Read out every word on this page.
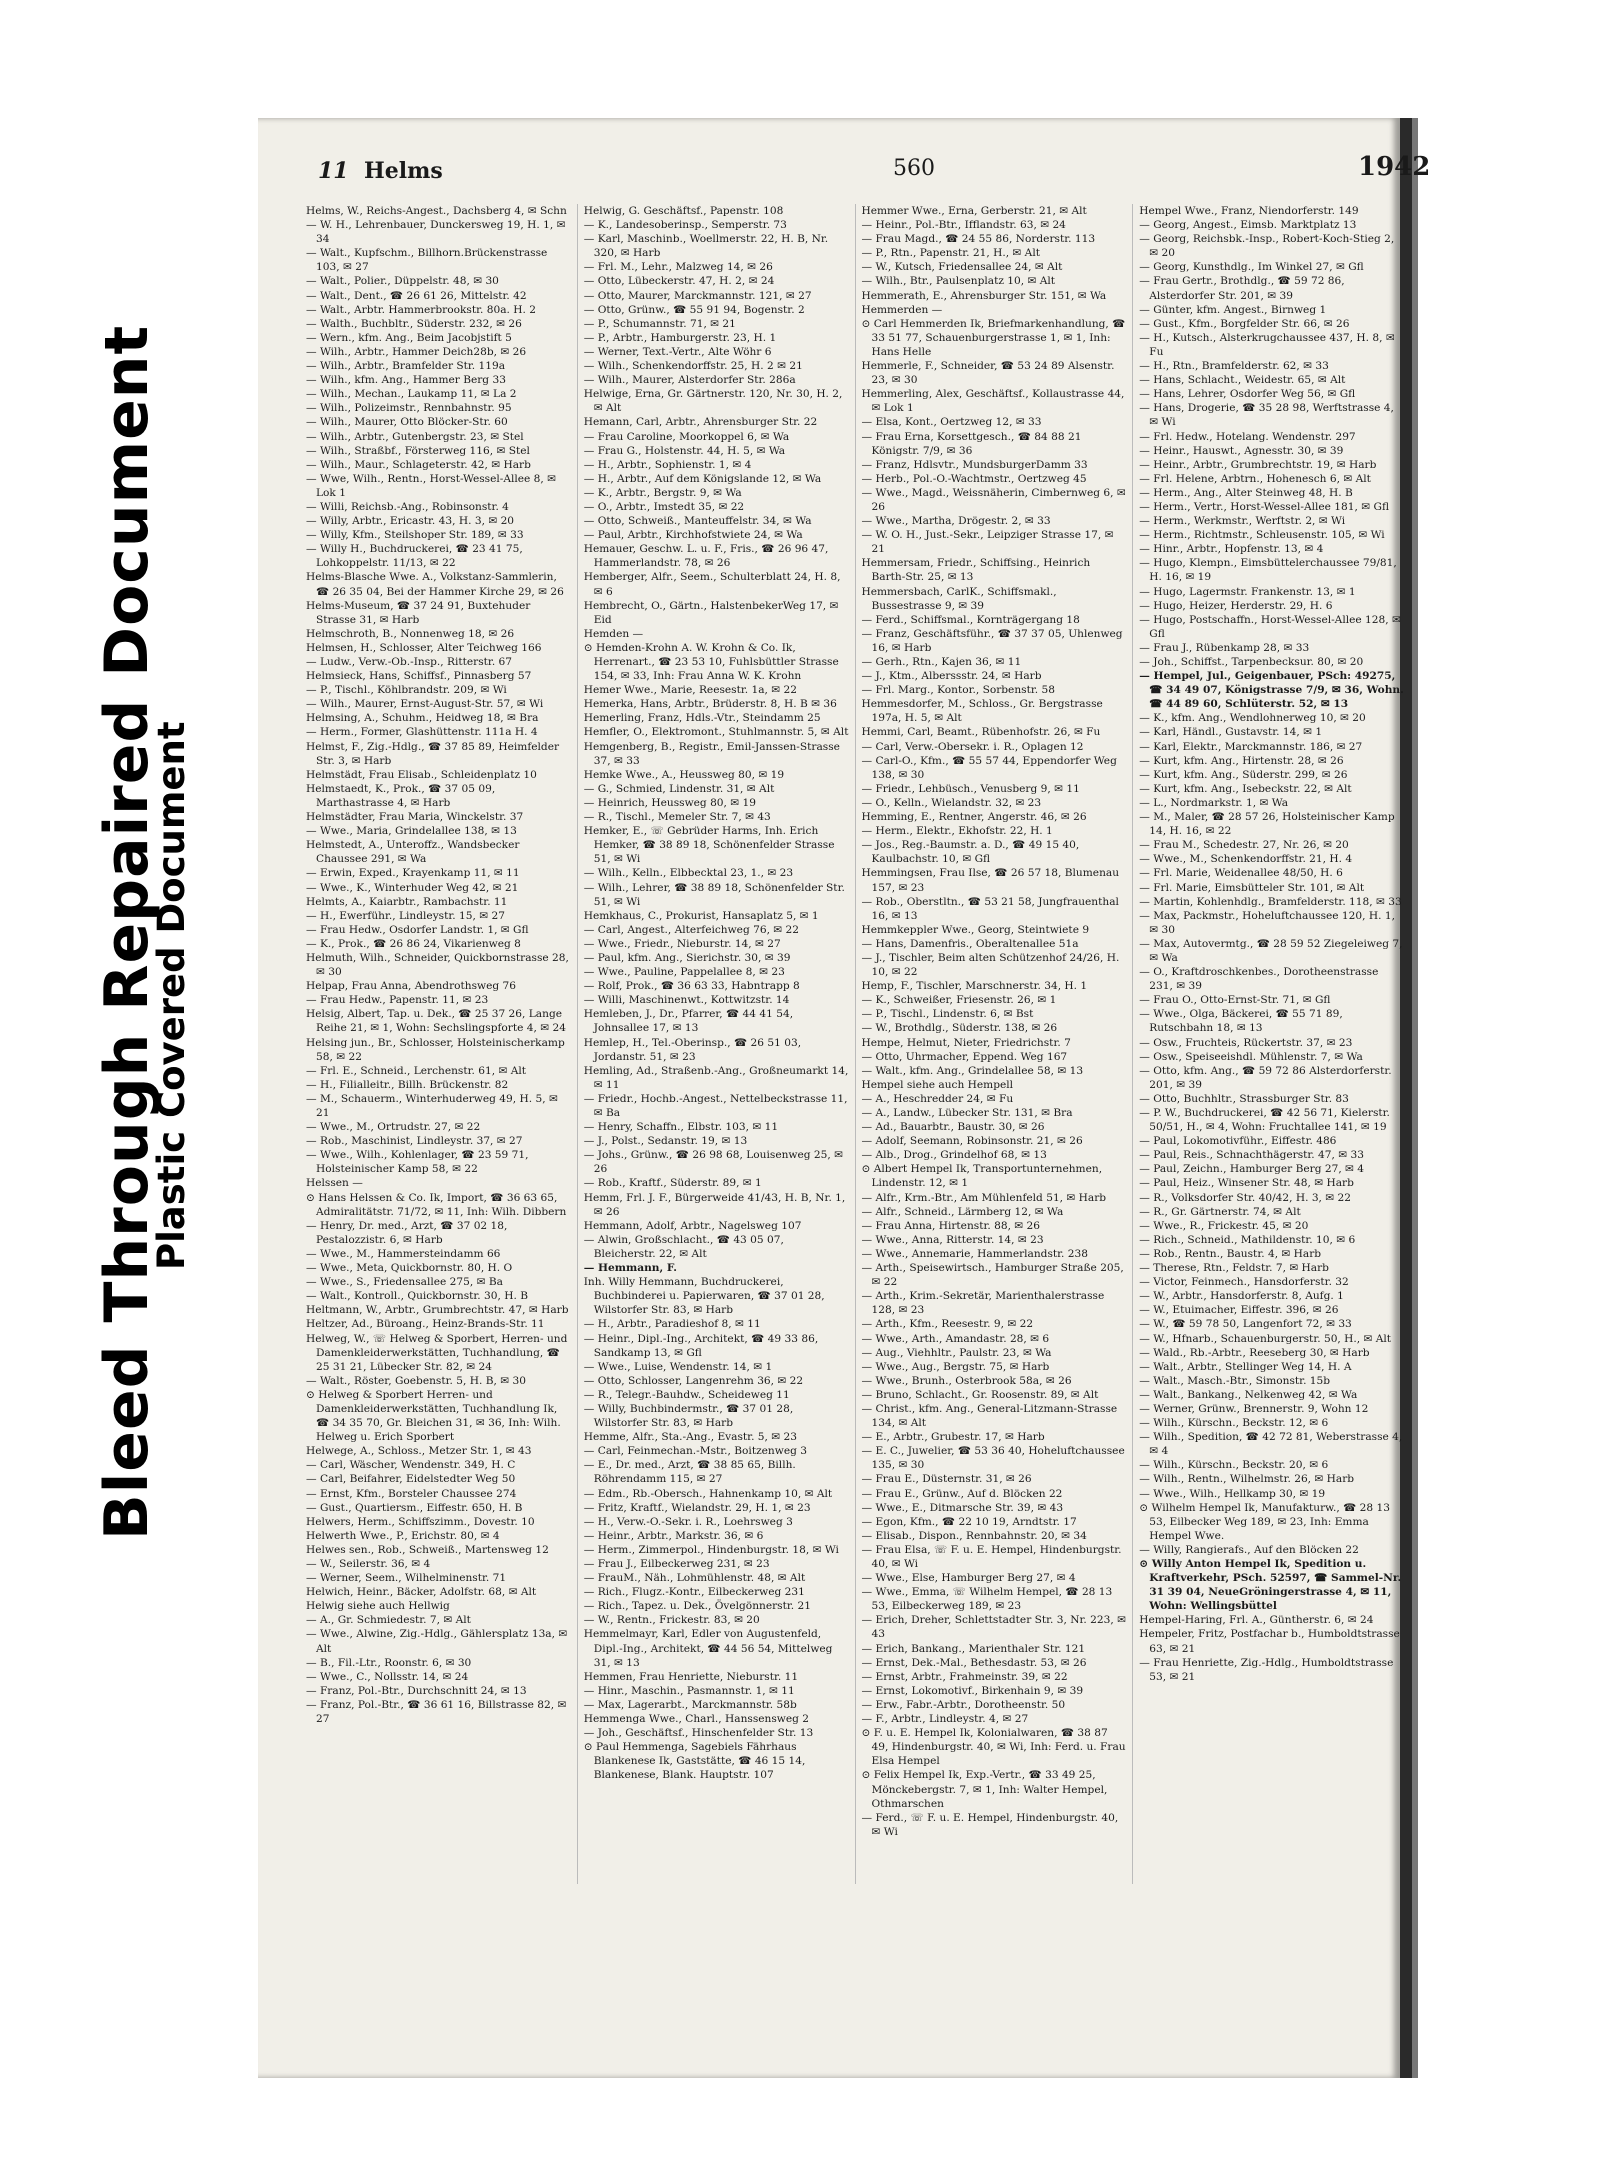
Bleed Through Repaired Document
Plastic Covered Document
11 Helms	560	1942

Helms, W., Reichs-Angest., Dachsberg 4, ✉ Schn

— W. H., Lehrenbauer, Dunckersweg 19, H. 1, ✉ 34

— Walt., Kupfschm., Billhorn.Brückenstrasse 103, ✉ 27

— Walt., Polier., Düppelstr. 48, ✉ 30

— Walt., Dent., ☎ 26 61 26, Mittelstr. 42

— Walt., Arbtr. Hammerbrookstr. 80a. H. 2

— Walth., Buchbltr., Süderstr. 232, ✉ 26

— Wern., kfm. Ang., Beim Jacobjstift 5

— Wilh., Arbtr., Hammer Deich28b, ✉ 26

— Wilh., Arbtr., Bramfelder Str. 119a

— Wilh., kfm. Ang., Hammer Berg 33

— Wilh., Mechan., Laukamp 11, ✉ La 2

— Wilh., Polizeimstr., Rennbahnstr. 95

— Wilh., Maurer, Otto Blöcker-Str. 60

— Wilh., Arbtr., Gutenbergstr. 23, ✉ Stel

— Wilh., Straßbf., Försterweg 116, ✉ Stel

— Wilh., Maur., Schlageterstr. 42, ✉ Harb

— Wwe, Wilh., Rentn., Horst-Wessel-Allee 8, ✉ Lok 1

— Willi, Reichsb.-Ang., Robinsonstr. 4

— Willy, Arbtr., Ericastr. 43, H. 3, ✉ 20

— Willy, Kfm., Steilshoper Str. 189, ✉ 33

— Willy H., Buchdruckerei, ☎ 23 41 75, Lohkoppelstr. 11/13, ✉ 22

Helms-Blasche Wwe. A., Volkstanz-Sammlerin, ☎ 26 35 04, Bei der Hammer Kirche 29, ✉ 26

Helms-Museum, ☎ 37 24 91, Buxtehuder Strasse 31, ✉ Harb

Helmschroth, B., Nonnenweg 18, ✉ 26

Helmsen, H., Schlosser, Alter Teichweg 166

— Ludw., Verw.-Ob.-Insp., Ritterstr. 67

Helmsieck, Hans, Schiffsf., Pinnasberg 57

— P., Tischl., Köhlbrandstr. 209, ✉ Wi

— Wilh., Maurer, Ernst-August-Str. 57, ✉ Wi

Helmsing, A., Schuhm., Heidweg 18, ✉ Bra

— Herm., Former, Glashüttenstr. 111a H. 4

Helmst, F., Zig.-Hdlg., ☎ 37 85 89, Heimfelder Str. 3, ✉ Harb

Helmstädt, Frau Elisab., Schleidenplatz 10

Helmstaedt, K., Prok., ☎ 37 05 09, Marthastrasse 4, ✉ Harb

Helmstädter, Frau Maria, Winckelstr. 37

— Wwe., Maria, Grindelallee 138, ✉ 13

Helmstedt, A., Unteroffz., Wandsbecker Chaussee 291, ✉ Wa

— Erwin, Exped., Krayenkamp 11, ✉ 11

— Wwe., K., Winterhuder Weg 42, ✉ 21

Helmts, A., Kaiarbtr., Rambachstr. 11

— H., Ewerführ., Lindleystr. 15, ✉ 27

— Frau Hedw., Osdorfer Landstr. 1, ✉ Gfl

— K., Prok., ☎ 26 86 24, Vikarienweg 8

Helmuth, Wilh., Schneider, Quickbornstrasse 28, ✉ 30

Helpap, Frau Anna, Abendrothsweg 76

— Frau Hedw., Papenstr. 11, ✉ 23

Helsig, Albert, Tap. u. Dek., ☎ 25 37 26, Lange Reihe 21, ✉ 1, Wohn: Sechslingspforte 4, ✉ 24

Helsing jun., Br., Schlosser, Holsteinischerkamp 58, ✉ 22

— Frl. E., Schneid., Lerchenstr. 61, ✉ Alt

— H., Filialleitr., Billh. Brückenstr. 82

— M., Schauerm., Winterhuderweg 49, H. 5, ✉ 21

— Wwe., M., Ortrudstr. 27, ✉ 22

— Rob., Maschinist, Lindleystr. 37, ✉ 27

— Wwe., Wilh., Kohlenlager, ☎ 23 59 71, Holsteinischer Kamp 58, ✉ 22

Helssen —

⊙ Hans Helssen & Co. Ik, Import, ☎ 36 63 65, Admiralitätstr. 71/72, ✉ 11, Inh: Wilh. Dibbern

— Henry, Dr. med., Arzt, ☎ 37 02 18, Pestalozzistr. 6, ✉ Harb

— Wwe., M., Hammersteindamm 66

— Wwe., Meta, Quickbornstr. 80, H. O

— Wwe., S., Friedensallee 275, ✉ Ba

— Walt., Kontroll., Quickbornstr. 30, H. B

Heltmann, W., Arbtr., Grumbrechtstr. 47, ✉ Harb

Heltzer, Ad., Büroang., Heinz-Brands-Str. 11

Helweg, W., ☏ Helweg & Sporbert, Herren- und Damenkleiderwerkstätten, Tuchhandlung, ☎ 25 31 21, Lübecker Str. 82, ✉ 24

— Walt., Röster, Goebenstr. 5, H. B, ✉ 30

⊙ Helweg & Sporbert Herren- und Damenkleiderwerkstätten, Tuchhandlung Ik, ☎ 34 35 70, Gr. Bleichen 31, ✉ 36, Inh: Wilh. Helweg u. Erich Sporbert

Helwege, A., Schloss., Metzer Str. 1, ✉ 43

— Carl, Wäscher, Wendenstr. 349, H. C

— Carl, Beifahrer, Eidelstedter Weg 50

— Ernst, Kfm., Borsteler Chaussee 274

— Gust., Quartiersm., Eiffestr. 650, H. B

Helwers, Herm., Schiffszimm., Dovestr. 10

Helwerth Wwe., P., Erichstr. 80, ✉ 4

Helwes sen., Rob., Schweiß., Martensweg 12

— W., Seilerstr. 36, ✉ 4

— Werner, Seem., Wilhelminenstr. 71

Helwich, Heinr., Bäcker, Adolfstr. 68, ✉ Alt

Helwig siehe auch Hellwig

— A., Gr. Schmiedestr. 7, ✉ Alt

— Wwe., Alwine, Zig.-Hdlg., Gählersplatz 13a, ✉ Alt

— B., Fil.-Ltr., Roonstr. 6, ✉ 30

— Wwe., C., Nollsstr. 14, ✉ 24

— Franz, Pol.-Btr., Durchschnitt 24, ✉ 13

— Franz, Pol.-Btr., ☎ 36 61 16, Billstrasse 82, ✉ 27

Helwig, G. Geschäftsf., Papenstr. 108

— K., Landesoberinsp., Semperstr. 73

— Karl, Maschinb., Woellmerstr. 22, H. B, Nr. 320, ✉ Harb

— Frl. M., Lehr., Malzweg 14, ✉ 26

— Otto, Lübeckerstr. 47, H. 2, ✉ 24

— Otto, Maurer, Marckmannstr. 121, ✉ 27

— Otto, Grünw., ☎ 55 91 94, Bogenstr. 2

— P., Schumannstr. 71, ✉ 21

— P., Arbtr., Hamburgerstr. 23, H. 1

— Werner, Text.-Vertr., Alte Wöhr 6

— Wilh., Schenkendorffstr. 25, H. 2 ✉ 21

— Wilh., Maurer, Alsterdorfer Str. 286a

Helwige, Erna, Gr. Gärtnerstr. 120, Nr. 30, H. 2, ✉ Alt

Hemann, Carl, Arbtr., Ahrensburger Str. 22

— Frau Caroline, Moorkoppel 6, ✉ Wa

— Frau G., Holstenstr. 44, H. 5, ✉ Wa

— H., Arbtr., Sophienstr. 1, ✉ 4

— H., Arbtr., Auf dem Königslande 12, ✉ Wa

— K., Arbtr., Bergstr. 9, ✉ Wa

— O., Arbtr., Imstedt 35, ✉ 22

— Otto, Schweiß., Manteuffelstr. 34, ✉ Wa

— Paul, Arbtr., Kirchhofstwiete 24, ✉ Wa

Hemauer, Geschw. L. u. F., Fris., ☎ 26 96 47, Hammerlandstr. 78, ✉ 26

Hemberger, Alfr., Seem., Schulterblatt 24, H. 8, ✉ 6

Hembrecht, O., Gärtn., HalstenbekerWeg 17, ✉ Eid

Hemden —

⊙ Hemden-Krohn A. W. Krohn & Co. Ik, Herrenart., ☎ 23 53 10, Fuhlsbüttler Strasse 154, ✉ 33, Inh: Frau Anna W. K. Krohn

Hemer Wwe., Marie, Reesestr. 1a, ✉ 22

Hemerka, Hans, Arbtr., Brüderstr. 8, H. B ✉ 36

Hemerling, Franz, Hdls.-Vtr., Steindamm 25

Hemfler, O., Elektromont., Stuhlmannstr. 5, ✉ Alt

Hemgenberg, B., Registr., Emil-Janssen-Strasse 37, ✉ 33

Hemke Wwe., A., Heussweg 80, ✉ 19

— G., Schmied, Lindenstr. 31, ✉ Alt

— Heinrich, Heussweg 80, ✉ 19

— R., Tischl., Memeler Str. 7, ✉ 43

Hemker, E., ☏ Gebrüder Harms, Inh. Erich Hemker, ☎ 38 89 18, Schönenfelder Strasse 51, ✉ Wi

— Wilh., Kelln., Elbbecktal 23, 1., ✉ 23

— Wilh., Lehrer, ☎ 38 89 18, Schönenfelder Str. 51, ✉ Wi

Hemkhaus, C., Prokurist, Hansaplatz 5, ✉ 1

— Carl, Angest., Alterfeichweg 76, ✉ 22

— Wwe., Friedr., Nieburstr. 14, ✉ 27

— Paul, kfm. Ang., Sierichstr. 30, ✉ 39

— Wwe., Pauline, Pappelallee 8, ✉ 23

— Rolf, Prok., ☎ 36 63 33, Habntrapp 8

— Willi, Maschinenwt., Kottwitzstr. 14

Hemleben, J., Dr., Pfarrer, ☎ 44 41 54, Johnsallee 17, ✉ 13

Hemlep, H., Tel.-Oberinsp., ☎ 26 51 03, Jordanstr. 51, ✉ 23

Hemling, Ad., Straßenb.-Ang., Großneumarkt 14, ✉ 11

— Friedr., Hochb.-Angest., Nettelbeckstrasse 11, ✉ Ba

— Henry, Schaffn., Elbstr. 103, ✉ 11

— J., Polst., Sedanstr. 19, ✉ 13

— Johs., Grünw., ☎ 26 98 68, Louisenweg 25, ✉ 26

— Rob., Kraftf., Süderstr. 89, ✉ 1

Hemm, Frl. J. F., Bürgerweide 41/43, H. B, Nr. 1, ✉ 26

Hemmann, Adolf, Arbtr., Nagelsweg 107

— Alwin, Großschlacht., ☎ 43 05 07, Bleicherstr. 22, ✉ Alt

— Hemmann, F.

Inh. Willy Hemmann, Buchdruckerei, Buchbinderei u. Papierwaren, ☎ 37 01 28, Wilstorfer Str. 83, ✉ Harb

— H., Arbtr., Paradieshof 8, ✉ 11

— Heinr., Dipl.-Ing., Architekt, ☎ 49 33 86, Sandkamp 13, ✉ Gfl

— Wwe., Luise, Wendenstr. 14, ✉ 1

— Otto, Schlosser, Langenrehm 36, ✉ 22

— R., Telegr.-Bauhdw., Scheideweg 11

— Willy, Buchbindermstr., ☎ 37 01 28, Wilstorfer Str. 83, ✉ Harb

Hemme, Alfr., Sta.-Ang., Evastr. 5, ✉ 23

— Carl, Feinmechan.-Mstr., Boitzenweg 3

— E., Dr. med., Arzt, ☎ 38 85 65, Billh. Röhrendamm 115, ✉ 27

— Edm., Rb.-Obersch., Hahnenkamp 10, ✉ Alt

— Fritz, Kraftf., Wielandstr. 29, H. 1, ✉ 23

— H., Verw.-O.-Sekr. i. R., Loehrsweg 3

— Heinr., Arbtr., Markstr. 36, ✉ 6

— Herm., Zimmerpol., Hindenburgstr. 18, ✉ Wi

— Frau J., Eilbeckerweg 231, ✉ 23

— FrauM., Näh., Lohmühlenstr. 48, ✉ Alt

— Rich., Flugz.-Kontr., Eilbeckerweg 231

— Rich., Tapez. u. Dek., Övelgönnerstr. 21

— W., Rentn., Frickestr. 83, ✉ 20

Hemmelmayr, Karl, Edler von Augustenfeld, Dipl.-Ing., Architekt, ☎ 44 56 54, Mittelweg 31, ✉ 13

Hemmen, Frau Henriette, Nieburstr. 11

— Hinr., Maschin., Pasmannstr. 1, ✉ 11

— Max, Lagerarbt., Marckmannstr. 58b

Hemmenga Wwe., Charl., Hanssensweg 2

— Joh., Geschäftsf., Hinschenfelder Str. 13

⊙ Paul Hemmenga, Sagebiels Fährhaus Blankenese Ik, Gaststätte, ☎ 46 15 14, Blankenese, Blank. Hauptstr. 107

Hemmer Wwe., Erna, Gerberstr. 21, ✉ Alt

— Heinr., Pol.-Btr., Ifflandstr. 63, ✉ 24

— Frau Magd., ☎ 24 55 86, Norderstr. 113

— P., Rtn., Papenstr. 21, H., ✉ Alt

— W., Kutsch, Friedensallee 24, ✉ Alt

— Wilh., Btr., Paulsenplatz 10, ✉ Alt

Hemmerath, E., Ahrensburger Str. 151, ✉ Wa

Hemmerden —

⊙ Carl Hemmerden Ik, Briefmarkenhandlung, ☎ 33 51 77, Schauenburgerstrasse 1, ✉ 1, Inh: Hans Helle

Hemmerle, F., Schneider, ☎ 53 24 89 Alsenstr. 23, ✉ 30

Hemmerling, Alex, Geschäftsf., Kollaustrasse 44, ✉ Lok 1

— Elsa, Kont., Oertzweg 12, ✉ 33

— Frau Erna, Korsettgesch., ☎ 84 88 21 Königstr. 7/9, ✉ 36

— Franz, Hdlsvtr., MundsburgerDamm 33

— Herb., Pol.-O.-Wachtmstr., Oertzweg 45

— Wwe., Magd., Weissnäherin, Cimbernweg 6, ✉ 26

— Wwe., Martha, Drögestr. 2, ✉ 33

— W. O. H., Just.-Sekr., Leipziger Strasse 17, ✉ 21

Hemmersam, Friedr., Schiffsing., Heinrich Barth-Str. 25, ✉ 13

Hemmersbach, CarlK., Schiffsmakl., Bussestrasse 9, ✉ 39

— Ferd., Schiffsmal., Kornträgergang 18

— Franz, Geschäftsführ., ☎ 37 37 05, Uhlenweg 16, ✉ Harb

— Gerh., Rtn., Kajen 36, ✉ 11

— J., Ktm., Alberssstr. 24, ✉ Harb

— Frl. Marg., Kontor., Sorbenstr. 58

Hemmesdorfer, M., Schloss., Gr. Bergstrasse 197a, H. 5, ✉ Alt

Hemmi, Carl, Beamt., Rübenhofstr. 26, ✉ Fu

— Carl, Verw.-Obersekr. i. R., Oplagen 12

— Carl-O., Kfm., ☎ 55 57 44, Eppendorfer Weg 138, ✉ 30

— Friedr., Lehbüsch., Venusberg 9, ✉ 11

— O., Kelln., Wielandstr. 32, ✉ 23

Hemming, E., Rentner, Angerstr. 46, ✉ 26

— Herm., Elektr., Ekhofstr. 22, H. 1

— Jos., Reg.-Baumstr. a. D., ☎ 49 15 40, Kaulbachstr. 10, ✉ Gfl

Hemmingsen, Frau Ilse, ☎ 26 57 18, Blumenau 157, ✉ 23

— Rob., Oberstltn., ☎ 53 21 58, Jungfrauenthal 16, ✉ 13

Hemmkeppler Wwe., Georg, Steintwiete 9

— Hans, Damenfris., Oberaltenallee 51a

— J., Tischler, Beim alten Schützenhof 24/26, H. 10, ✉ 22

Hemp, F., Tischler, Marschnerstr. 34, H. 1

— K., Schweißer, Friesenstr. 26, ✉ 1

— P., Tischl., Lindenstr. 6, ✉ Bst

— W., Brothdlg., Süderstr. 138, ✉ 26

Hempe, Helmut, Nieter, Friedrichstr. 7

— Otto, Uhrmacher, Eppend. Weg 167

— Walt., kfm. Ang., Grindelallee 58, ✉ 13

Hempel siehe auch Hempell

— A., Heschredder 24, ✉ Fu

— A., Landw., Lübecker Str. 131, ✉ Bra

— Ad., Bauarbtr., Baustr. 30, ✉ 26

— Adolf, Seemann, Robinsonstr. 21, ✉ 26

— Alb., Drog., Grindelhof 68, ✉ 13

⊙ Albert Hempel Ik, Transportunternehmen, Lindenstr. 12, ✉ 1

— Alfr., Krm.-Btr., Am Mühlenfeld 51, ✉ Harb

— Alfr., Schneid., Lärmberg 12, ✉ Wa

— Frau Anna, Hirtenstr. 88, ✉ 26

— Wwe., Anna, Ritterstr. 14, ✉ 23

— Wwe., Annemarie, Hammerlandstr. 238

— Arth., Speisewirtsch., Hamburger Straße 205, ✉ 22

— Arth., Krim.-Sekretär, Marienthalerstrasse 128, ✉ 23

— Arth., Kfm., Reesestr. 9, ✉ 22

— Wwe., Arth., Amandastr. 28, ✉ 6

— Aug., Viehhltr., Paulstr. 23, ✉ Wa

— Wwe., Aug., Bergstr. 75, ✉ Harb

— Wwe., Brunh., Osterbrook 58a, ✉ 26

— Bruno, Schlacht., Gr. Roosenstr. 89, ✉ Alt

— Christ., kfm. Ang., General-Litzmann-Strasse 134, ✉ Alt

— E., Arbtr., Grubestr. 17, ✉ Harb

— E. C., Juwelier, ☎ 53 36 40, Hoheluftchaussee 135, ✉ 30

— Frau E., Düsternstr. 31, ✉ 26

— Frau E., Grünw., Auf d. Blöcken 22

— Wwe., E., Ditmarsche Str. 39, ✉ 43

— Egon, Kfm., ☎ 22 10 19, Arndtstr. 17

— Elisab., Dispon., Rennbahnstr. 20, ✉ 34

— Frau Elsa, ☏ F. u. E. Hempel, Hindenburgstr. 40, ✉ Wi

— Wwe., Else, Hamburger Berg 27, ✉ 4

— Wwe., Emma, ☏ Wilhelm Hempel, ☎ 28 13 53, Eilbeckerweg 189, ✉ 23

— Erich, Dreher, Schlettstadter Str. 3, Nr. 223, ✉ 43

— Erich, Bankang., Marienthaler Str. 121

— Ernst, Dek.-Mal., Bethesdastr. 53, ✉ 26

— Ernst, Arbtr., Frahmeinstr. 39, ✉ 22

— Ernst, Lokomotivf., Birkenhain 9, ✉ 39

— Erw., Fabr.-Arbtr., Dorotheenstr. 50

— F., Arbtr., Lindleystr. 4, ✉ 27

⊙ F. u. E. Hempel Ik, Kolonialwaren, ☎ 38 87 49, Hindenburgstr. 40, ✉ Wi, Inh: Ferd. u. Frau Elsa Hempel

⊙ Felix Hempel Ik, Exp.-Vertr., ☎ 33 49 25, Mönckebergstr. 7, ✉ 1, Inh: Walter Hempel, Othmarschen

— Ferd., ☏ F. u. E. Hempel, Hindenburgstr. 40, ✉ Wi

Hempel Wwe., Franz, Niendorferstr. 149

— Georg, Angest., Eimsb. Marktplatz 13

— Georg, Reichsbk.-Insp., Robert-Koch-Stieg 2, ✉ 20

— Georg, Kunsthdlg., Im Winkel 27, ✉ Gfl

— Frau Gertr., Brothdlg., ☎ 59 72 86, Alsterdorfer Str. 201, ✉ 39

— Günter, kfm. Angest., Birnweg 1

— Gust., Kfm., Borgfelder Str. 66, ✉ 26

— H., Kutsch., Alsterkrugchaussee 437, H. 8, ✉ Fu

— H., Rtn., Bramfelderstr. 62, ✉ 33

— Hans, Schlacht., Weidestr. 65, ✉ Alt

— Hans, Lehrer, Osdorfer Weg 56, ✉ Gfl

— Hans, Drogerie, ☎ 35 28 98, Werftstrasse 4, ✉ Wi

— Frl. Hedw., Hotelang. Wendenstr. 297

— Heinr., Hauswt., Agnesstr. 30, ✉ 39

— Heinr., Arbtr., Grumbrechtstr. 19, ✉ Harb

— Frl. Helene, Arbtrn., Hohenesch 6, ✉ Alt

— Herm., Ang., Alter Steinweg 48, H. B

— Herm., Vertr., Horst-Wessel-Allee 181, ✉ Gfl

— Herm., Werkmstr., Werftstr. 2, ✉ Wi

— Herm., Richtmstr., Schleusenstr. 105, ✉ Wi

— Hinr., Arbtr., Hopfenstr. 13, ✉ 4

— Hugo, Klempn., Eimsbüttelerchaussee 79/81, H. 16, ✉ 19

— Hugo, Lagermstr. Frankenstr. 13, ✉ 1

— Hugo, Heizer, Herderstr. 29, H. 6

— Hugo, Postschaffn., Horst-Wessel-Allee 128, ✉ Gfl

— Frau J., Rübenkamp 28, ✉ 33

— Joh., Schiffst., Tarpenbecksur. 80, ✉ 20

— Hempel, Jul., Geigenbauer, PSch: 49275, ☎ 34 49 07, Königstrasse 7/9, ✉ 36, Wohn. ☎ 44 89 60, Schlüterstr. 52, ✉ 13

— K., kfm. Ang., Wendlohnerweg 10, ✉ 20

— Karl, Händl., Gustavstr. 14, ✉ 1

— Karl, Elektr., Marckmannstr. 186, ✉ 27

— Kurt, kfm. Ang., Hirtenstr. 28, ✉ 26

— Kurt, kfm. Ang., Süderstr. 299, ✉ 26

— Kurt, kfm. Ang., Isebeckstr. 22, ✉ Alt

— L., Nordmarkstr. 1, ✉ Wa

— M., Maler, ☎ 28 57 26, Holsteinischer Kamp 14, H. 16, ✉ 22

— Frau M., Schedestr. 27, Nr. 26, ✉ 20

— Wwe., M., Schenkendorffstr. 21, H. 4

— Frl. Marie, Weidenallee 48/50, H. 6

— Frl. Marie, Eimsbütteler Str. 101, ✉ Alt

— Martin, Kohlenhdlg., Bramfelderstr. 118, ✉ 33

— Max, Packmstr., Hoheluftchaussee 120, H. 1, ✉ 30

— Max, Autovermtg., ☎ 28 59 52 Ziegeleiweg 7, ✉ Wa

— O., Kraftdroschkenbes., Dorotheenstrasse 231, ✉ 39

— Frau O., Otto-Ernst-Str. 71, ✉ Gfl

— Wwe., Olga, Bäckerei, ☎ 55 71 89, Rutschbahn 18, ✉ 13

— Osw., Fruchteis, Rückertstr. 37, ✉ 23

— Osw., Speiseeishdl. Mühlenstr. 7, ✉ Wa

— Otto, kfm. Ang., ☎ 59 72 86 Alsterdorferstr. 201, ✉ 39

— Otto, Buchhltr., Strassburger Str. 83

— P. W., Buchdruckerei, ☎ 42 56 71, Kielerstr. 50/51, H., ✉ 4, Wohn: Fruchtallee 141, ✉ 19

— Paul, Lokomotivführ., Eiffestr. 486

— Paul, Reis., Schnachthägerstr. 47, ✉ 33

— Paul, Zeichn., Hamburger Berg 27, ✉ 4

— Paul, Heiz., Winsener Str. 48, ✉ Harb

— R., Volksdorfer Str. 40/42, H. 3, ✉ 22

— R., Gr. Gärtnerstr. 74, ✉ Alt

— Wwe., R., Frickestr. 45, ✉ 20

— Rich., Schneid., Mathildenstr. 10, ✉ 6

— Rob., Rentn., Baustr. 4, ✉ Harb

— Therese, Rtn., Feldstr. 7, ✉ Harb

— Victor, Feinmech., Hansdorferstr. 32

— W., Arbtr., Hansdorferstr. 8, Aufg. 1

— W., Etuimacher, Eiffestr. 396, ✉ 26

— W., ☎ 59 78 50, Langenfort 72, ✉ 33

— W., Hfnarb., Schauenburgerstr. 50, H., ✉ Alt

— Wald., Rb.-Arbtr., Reeseberg 30, ✉ Harb

— Walt., Arbtr., Stellinger Weg 14, H. A

— Walt., Masch.-Btr., Simonstr. 15b

— Walt., Bankang., Nelkenweg 42, ✉ Wa

— Werner, Grünw., Brennerstr. 9, Wohn 12

— Wilh., Kürschn., Beckstr. 12, ✉ 6

— Wilh., Spedition, ☎ 42 72 81, Weberstrasse 4, ✉ 4

— Wilh., Kürschn., Beckstr. 20, ✉ 6

— Wilh., Rentn., Wilhelmstr. 26, ✉ Harb

— Wwe., Wilh., Hellkamp 30, ✉ 19

⊙ Wilhelm Hempel Ik, Manufakturw., ☎ 28 13 53, Eilbecker Weg 189, ✉ 23, Inh: Emma Hempel Wwe.

— Willy, Rangierafs., Auf den Blöcken 22

⊙ Willy Anton Hempel Ik, Spedition u. Kraftverkehr, PSch. 52597, ☎ Sammel-Nr. 31 39 04, NeueGröningerstrasse 4, ✉ 11, Wohn: Wellingsbüttel

Hempel-Haring, Frl. A., Güntherstr. 6, ✉ 24

Hempeler, Fritz, Postfachar b., Humboldtstrasse 63, ✉ 21

— Frau Henriette, Zig.-Hdlg., Humboldtstrasse 53, ✉ 21
